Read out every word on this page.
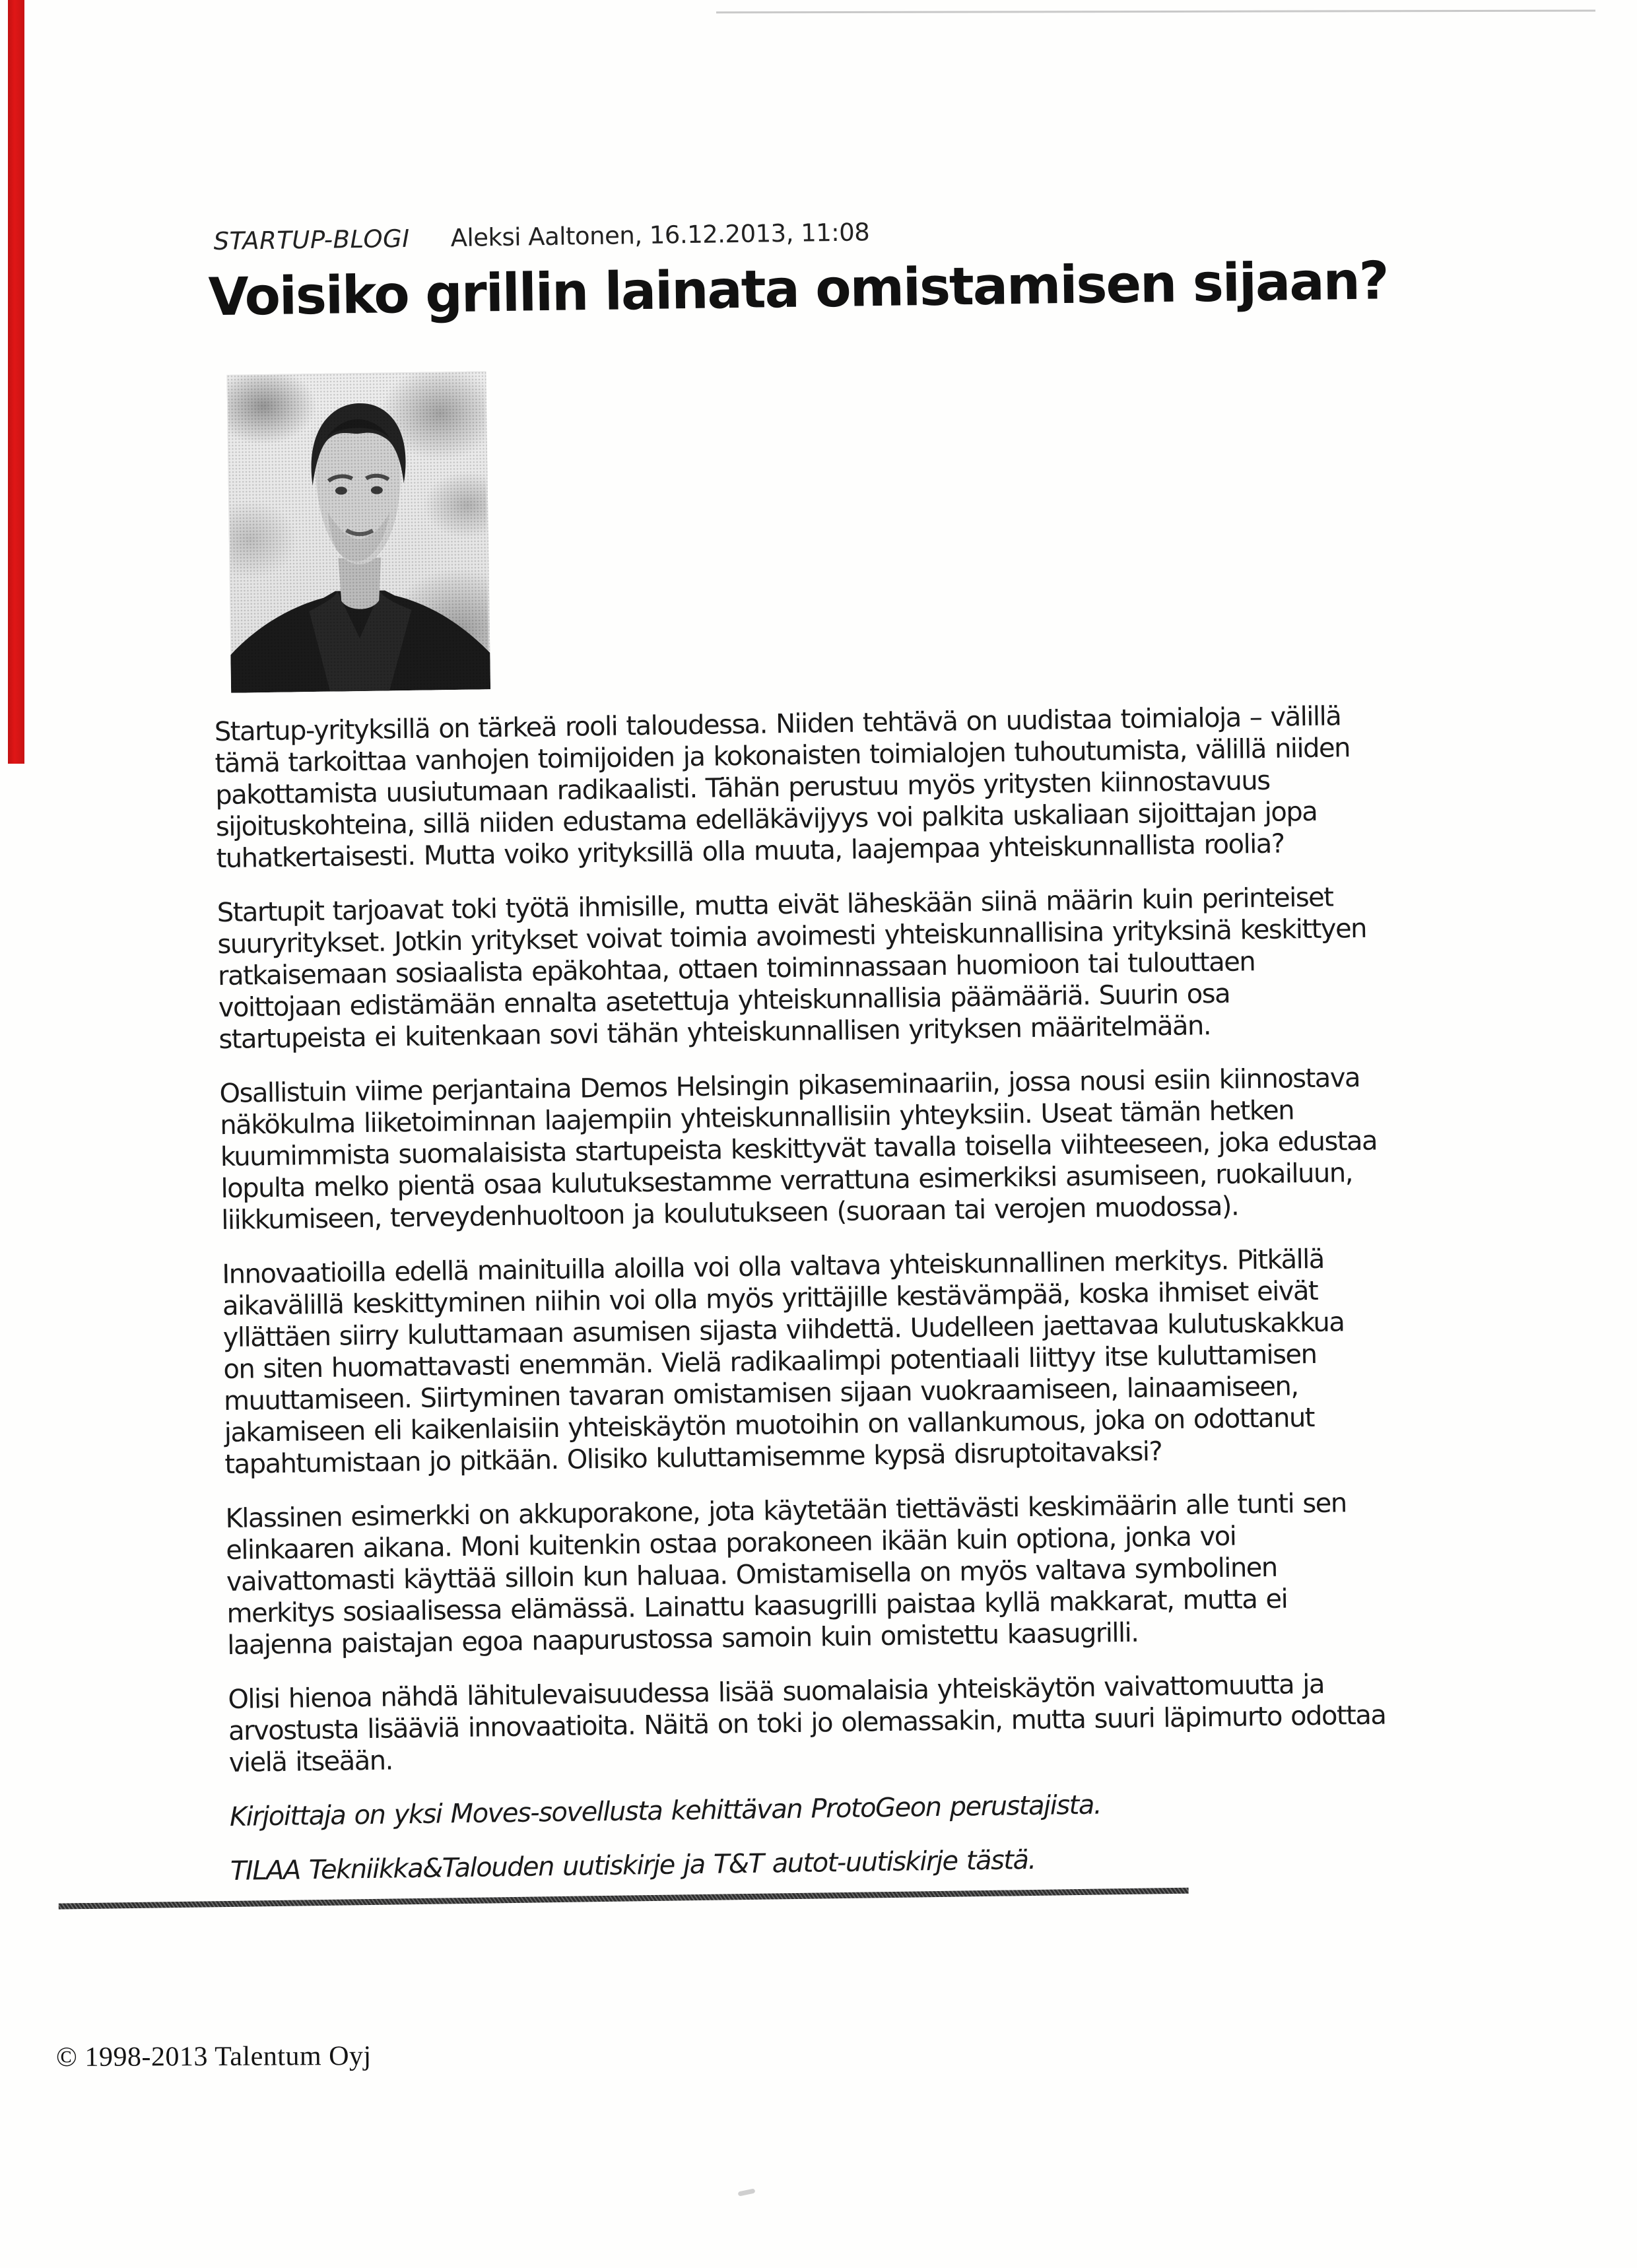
STARTUP-BLOGI Aleksi Aaltonen, 16.12.2013, 11:08
Voisiko grillin lainata omistamisen sijaan?

Startup-yrityksillä on tärkeä rooli taloudessa. Niiden tehtävä on uudistaa toimialoja – välillä
tämä tarkoittaa vanhojen toimijoiden ja kokonaisten toimialojen tuhoutumista, välillä niiden
pakottamista uusiutumaan radikaalisti. Tähän perustuu myös yritysten kiinnostavuus
sijoituskohteina, sillä niiden edustama edelläkävijyys voi palkita uskaliaan sijoittajan jopa
tuhatkertaisesti. Mutta voiko yrityksillä olla muuta, laajempaa yhteiskunnallista roolia?

Startupit tarjoavat toki työtä ihmisille, mutta eivät läheskään siinä määrin kuin perinteiset
suuryritykset. Jotkin yritykset voivat toimia avoimesti yhteiskunnallisina yrityksinä keskittyen
ratkaisemaan sosiaalista epäkohtaa, ottaen toiminnassaan huomioon tai tulouttaen
voittojaan edistämään ennalta asetettuja yhteiskunnallisia päämääriä. Suurin osa
startupeista ei kuitenkaan sovi tähän yhteiskunnallisen yrityksen määritelmään.

Osallistuin viime perjantaina Demos Helsingin pikaseminaariin, jossa nousi esiin kiinnostava
näkökulma liiketoiminnan laajempiin yhteiskunnallisiin yhteyksiin. Useat tämän hetken
kuumimmista suomalaisista startupeista keskittyvät tavalla toisella viihteeseen, joka edustaa
lopulta melko pientä osaa kulutuksestamme verrattuna esimerkiksi asumiseen, ruokailuun,
liikkumiseen, terveydenhuoltoon ja koulutukseen (suoraan tai verojen muodossa).

Innovaatioilla edellä mainituilla aloilla voi olla valtava yhteiskunnallinen merkitys. Pitkällä
aikavälillä keskittyminen niihin voi olla myös yrittäjille kestävämpää, koska ihmiset eivät
yllättäen siirry kuluttamaan asumisen sijasta viihdettä. Uudelleen jaettavaa kulutuskakkua
on siten huomattavasti enemmän. Vielä radikaalimpi potentiaali liittyy itse kuluttamisen
muuttamiseen. Siirtyminen tavaran omistamisen sijaan vuokraamiseen, lainaamiseen,
jakamiseen eli kaikenlaisiin yhteiskäytön muotoihin on vallankumous, joka on odottanut
tapahtumistaan jo pitkään. Olisiko kuluttamisemme kypsä disruptoitavaksi?

Klassinen esimerkki on akkuporakone, jota käytetään tiettävästi keskimäärin alle tunti sen
elinkaaren aikana. Moni kuitenkin ostaa porakoneen ikään kuin optiona, jonka voi
vaivattomasti käyttää silloin kun haluaa. Omistamisella on myös valtava symbolinen
merkitys sosiaalisessa elämässä. Lainattu kaasugrilli paistaa kyllä makkarat, mutta ei
laajenna paistajan egoa naapurustossa samoin kuin omistettu kaasugrilli.

Olisi hienoa nähdä lähitulevaisuudessa lisää suomalaisia yhteiskäytön vaivattomuutta ja
arvostusta lisääviä innovaatioita. Näitä on toki jo olemassakin, mutta suuri läpimurto odottaa
vielä itseään.

Kirjoittaja on yksi Moves-sovellusta kehittävan ProtoGeon perustajista.

TILAA Tekniikka&Talouden uutiskirje ja T&T autot-uutiskirje tästä.

© 1998-2013 Talentum Oyj
